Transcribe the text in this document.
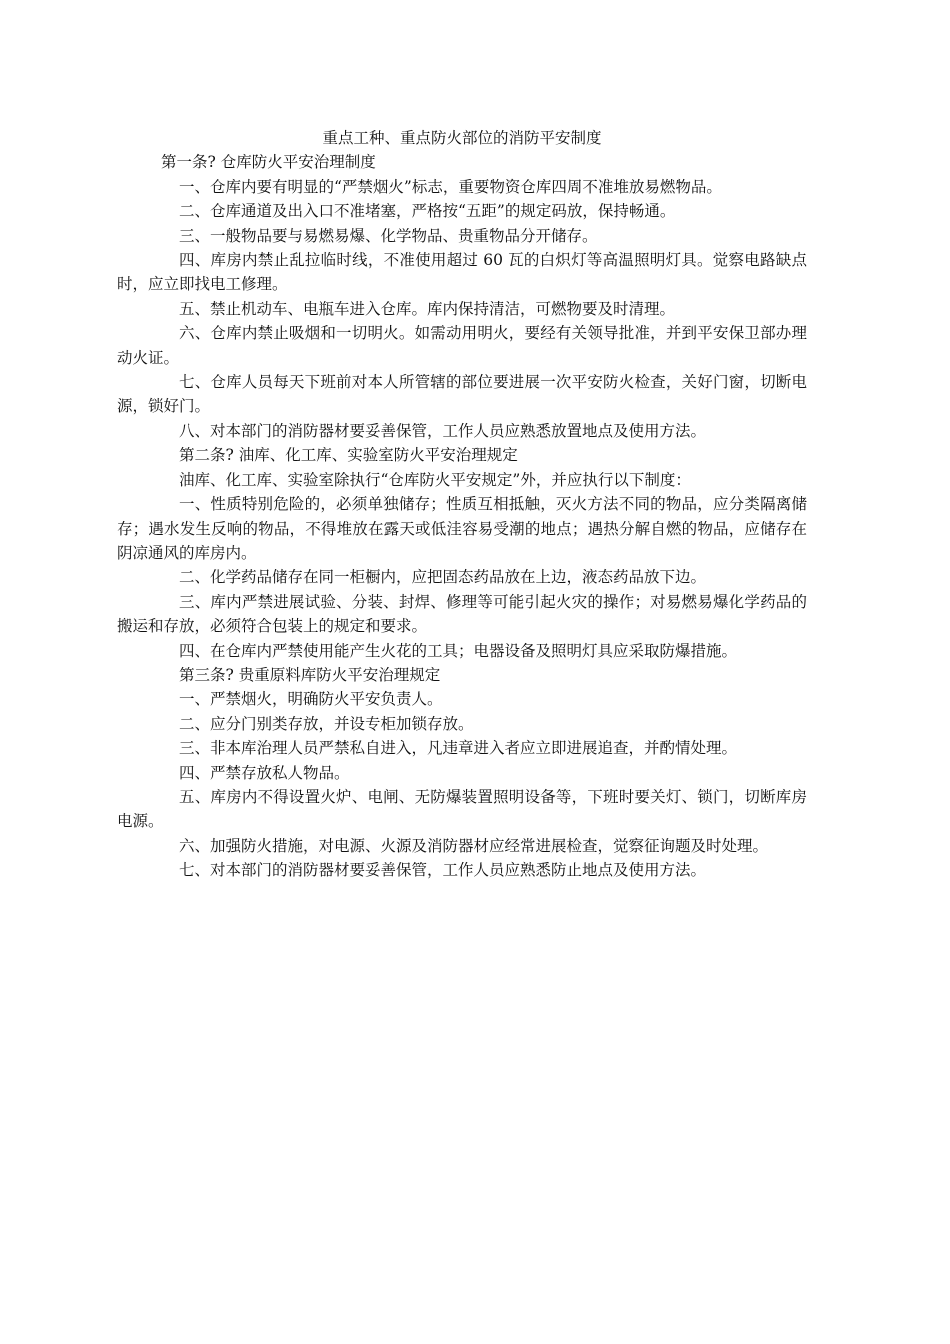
重点工种、重点防火部位的消防平安制度

第一条? 仓库防火平安治理制度

一、仓库内要有明显的“严禁烟火”标志，重要物资仓库四周不准堆放易燃物品。

二、仓库通道及出入口不准堵塞，严格按“五距”的规定码放，保持畅通。

三、一般物品要与易燃易爆、化学物品、贵重物品分开储存。

四、库房内禁止乱拉临时线，不准使用超过 60 瓦的白炽灯等高温照明灯具。觉察电路缺点时，应立即找电工修理。

五、禁止机动车、电瓶车进入仓库。库内保持清洁，可燃物要及时清理。

六、仓库内禁止吸烟和一切明火。如需动用明火，要经有关领导批准，并到平安保卫部办理动火证。

七、仓库人员每天下班前对本人所管辖的部位要进展一次平安防火检查，关好门窗，切断电源，锁好门。

八、对本部门的消防器材要妥善保管，工作人员应熟悉放置地点及使用方法。

第二条? 油库、化工库、实验室防火平安治理规定

油库、化工库、实验室除执行“仓库防火平安规定”外，并应执行以下制度：

一、性质特别危险的，必须单独储存；性质互相抵触，灭火方法不同的物品，应分类隔离储存；遇水发生反响的物品，不得堆放在露天或低洼容易受潮的地点；遇热分解自燃的物品，应储存在阴凉通风的库房内。

二、化学药品储存在同一柜橱内，应把固态药品放在上边，液态药品放下边。

三、库内严禁进展试验、分装、封焊、修理等可能引起火灾的操作；对易燃易爆化学药品的搬运和存放，必须符合包装上的规定和要求。

四、在仓库内严禁使用能产生火花的工具；电器设备及照明灯具应采取防爆措施。

第三条? 贵重原料库防火平安治理规定

一、严禁烟火，明确防火平安负责人。

二、应分门别类存放，并设专柜加锁存放。

三、非本库治理人员严禁私自进入，凡违章进入者应立即进展追查，并酌情处理。

四、严禁存放私人物品。

五、库房内不得设置火炉、电闸、无防爆装置照明设备等，下班时要关灯、锁门，切断库房电源。

六、加强防火措施，对电源、火源及消防器材应经常进展检查，觉察征询题及时处理。

七、对本部门的消防器材要妥善保管，工作人员应熟悉防止地点及使用方法。
